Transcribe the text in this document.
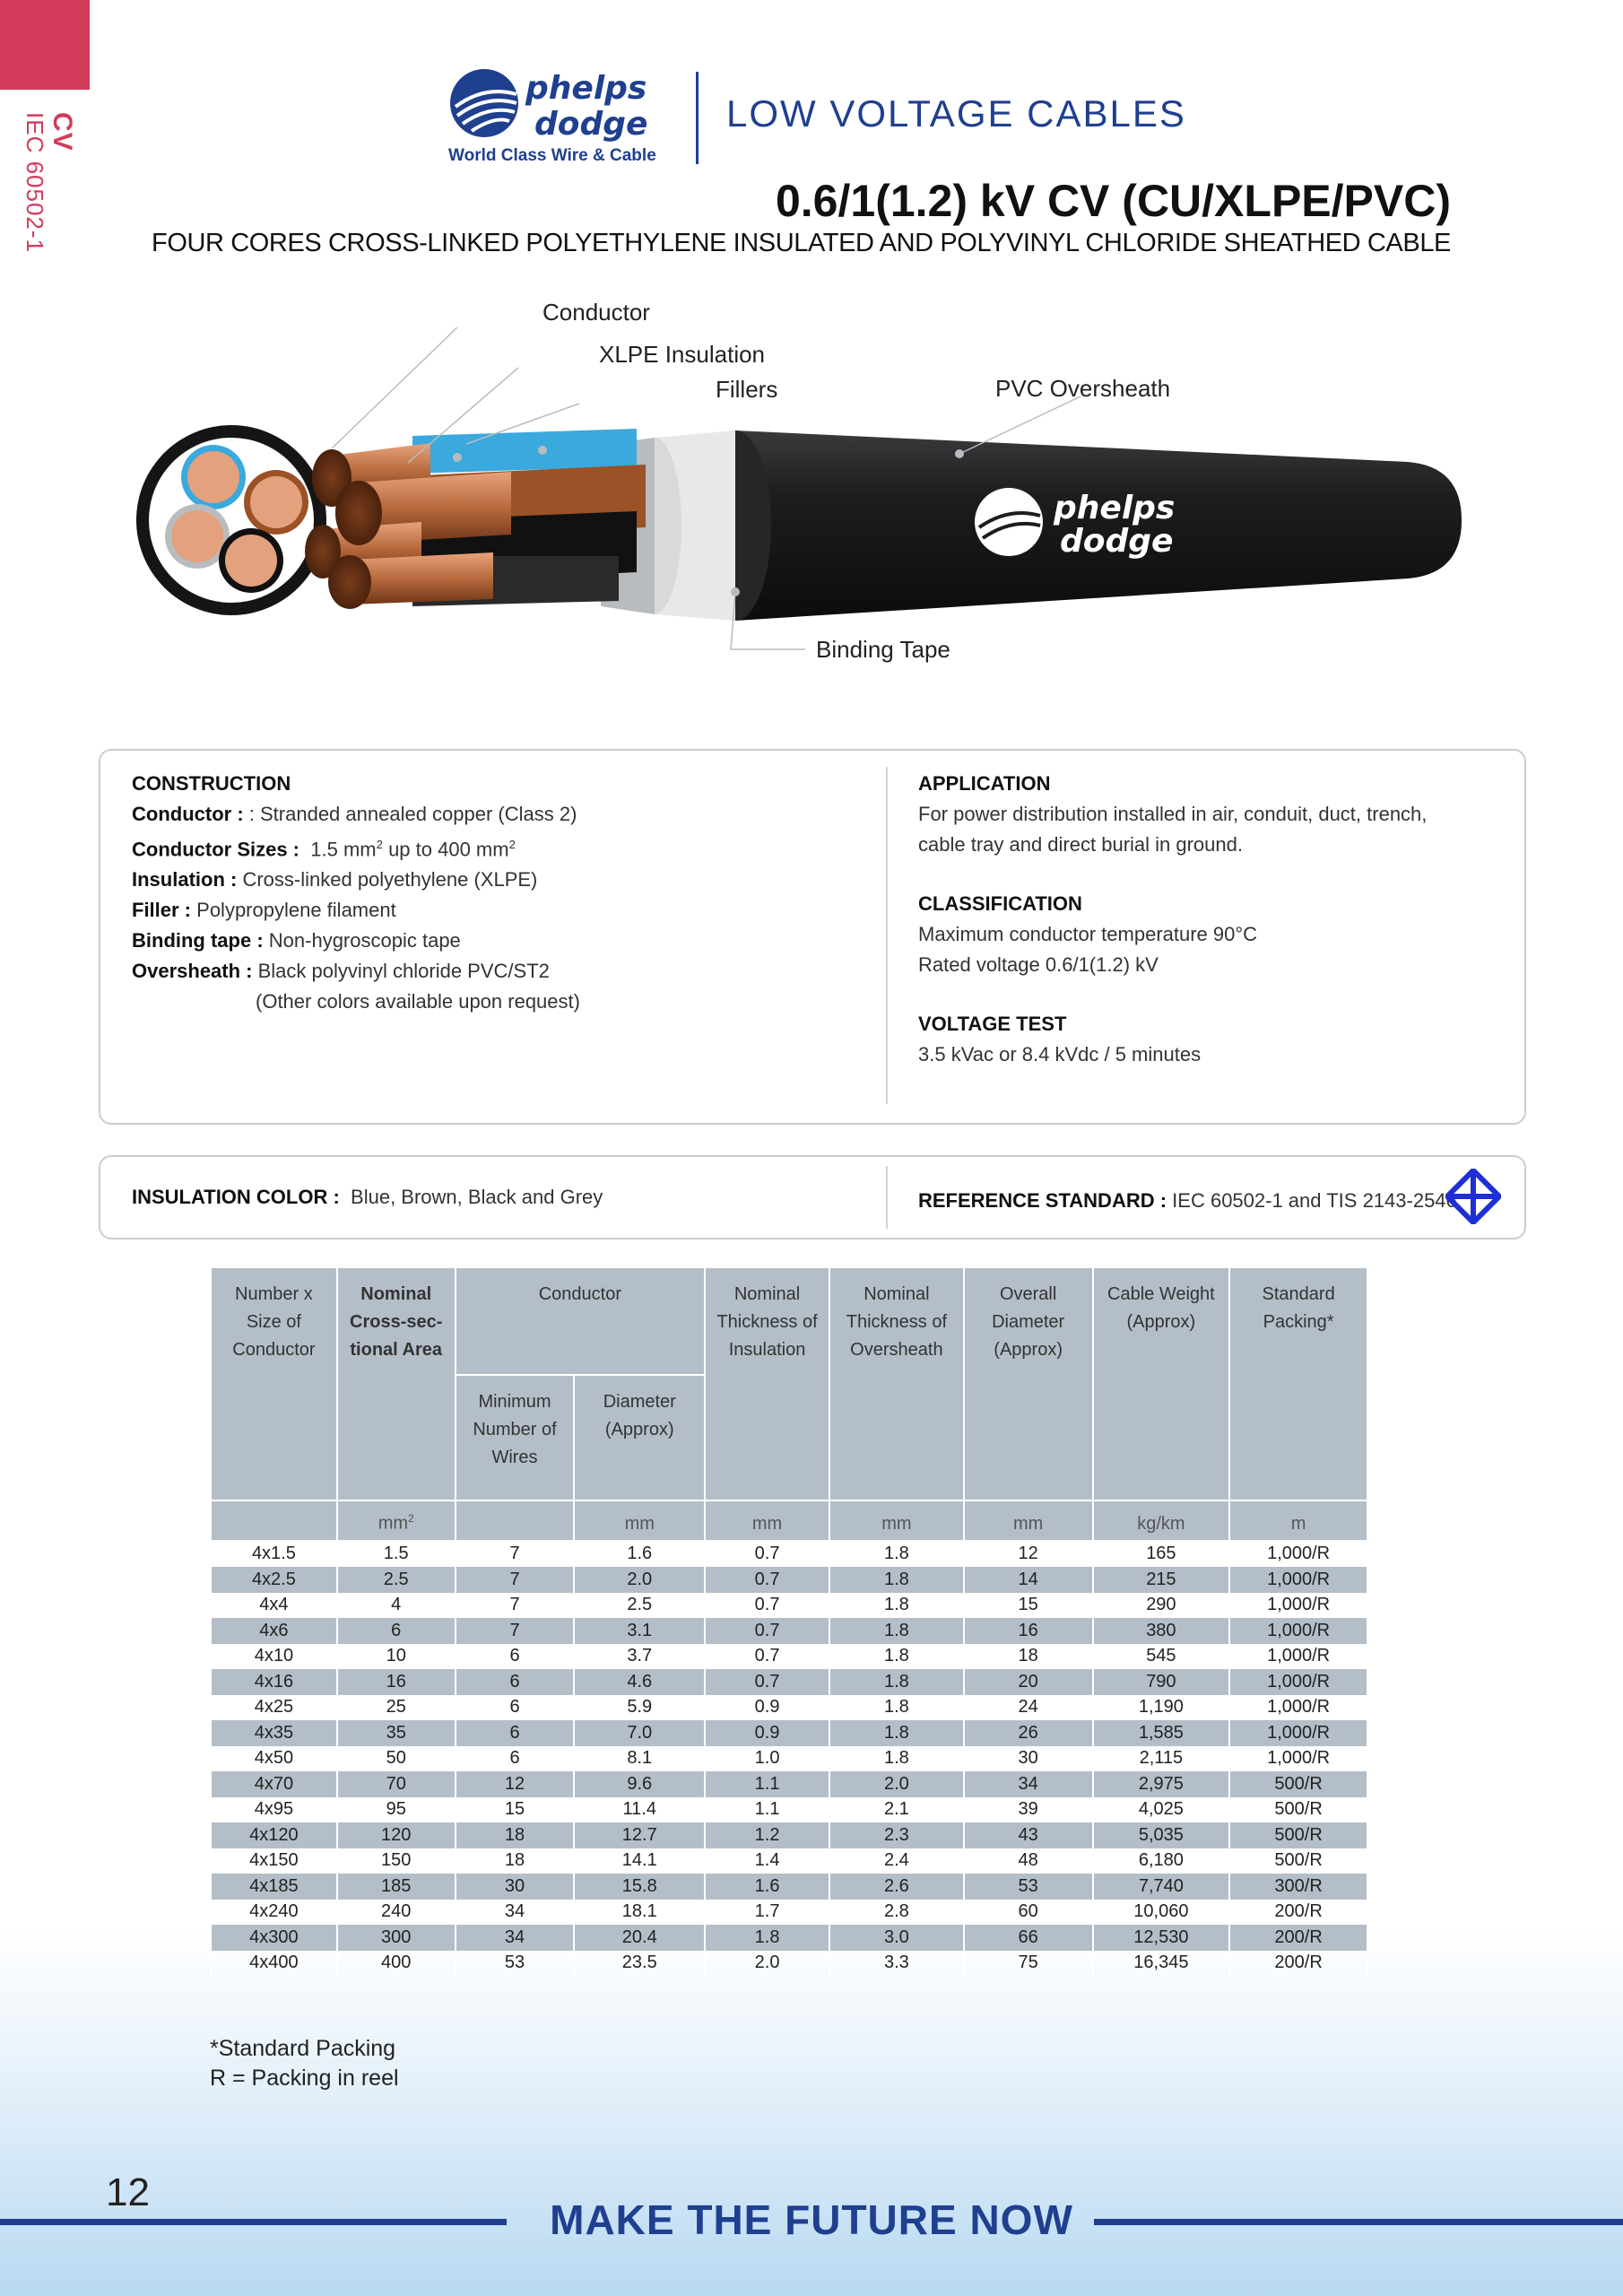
CV
IEC 60502-1
phelps
dodge
World Class Wire & Cable
LOW VOLTAGE CABLES
0.6/1(1.2) kV CV (CU/XLPE/PVC)
FOUR CORES CROSS-LINKED POLYETHYLENE INSULATED AND POLYVINYL CHLORIDE SHEATHED CABLE
phelps
dodge
Conductor
XLPE Insulation
Fillers	PVC Oversheath
Binding Tape
CONSTRUCTION
Conductor : : Stranded annealed copper (Class 2)
Conductor Sizes : 1.5 $mm^2$ up to 400 $mm^2$
Insulation : Cross-linked polyethylene (XLPE)
Filler : Polypropylene filament
Binding tape : Non-hygroscopic tape
Oversheath : Black polyvinyl chloride PVC/ST2
(Other colors available upon request)
APPLICATION
For power distribution installed in air, conduit, duct, trench,
cable tray and direct burial in ground.
CLASSIFICATION
Maximum conductor temperature 90°C
Rated voltage 0.6/1(1.2) kV
VOLTAGE TEST
3.5 kVac or 8.4 kVdc / 5 minutes
INSULATION COLOR : Blue, Brown, Black and Grey	REFERENCE STANDARD : IEC 60502-1 and TIS 2143-2546
Number x Size of Conductor	Nominal Cross-sec- tional Area	Conductor		Nominal Thickness of Insulation	Nominal Thickness of Oversheath	Overall Diameter (Approx)	Cable Weight (Approx)	Standard Packing*
		Minimum Number of Wires	Diameter (Approx)					
	$mm^2$		mm	mm	mm	mm	kg/km	m
4x1.5	1.5	7	1.6	0.7	1.8	12	165	1,000/R
4x2.5	2.5	7	2.0	0.7	1.8	14	215	1,000/R
4x4	4	7	2.5	0.7	1.8	15	290	1,000/R
4x6	6	7	3.1	0.7	1.8	16	380	1,000/R
4x10	10	6	3.7	0.7	1.8	18	545	1,000/R
4x16	16	6	4.6	0.7	1.8	20	790	1,000/R
4x25	25	6	5.9	0.9	1.8	24	1,190	1,000/R
4x35	35	6	7.0	0.9	1.8	26	1,585	1,000/R
4x50	50	6	8.1	1.0	1.8	30	2,115	1,000/R
4x70	70	12	9.6	1.1	2.0	34	2,975	500/R
4x95	95	15	11.4	1.1	2.1	39	4,025	500/R
4x120	120	18	12.7	1.2	2.3	43	5,035	500/R
4x150	150	18	14.1	1.4	2.4	48	6,180	500/R
4x185	185	30	15.8	1.6	2.6	53	7,740	300/R
4x240	240	34	18.1	1.7	2.8	60	10,060	200/R
4x300	300	34	20.4	1.8	3.0	66	12,530	200/R
4x400	400	53	23.5	2.0	3.3	75	16,345	200/R
*Standard Packing
R = Packing in reel
12
MAKE THE FUTURE NOW
